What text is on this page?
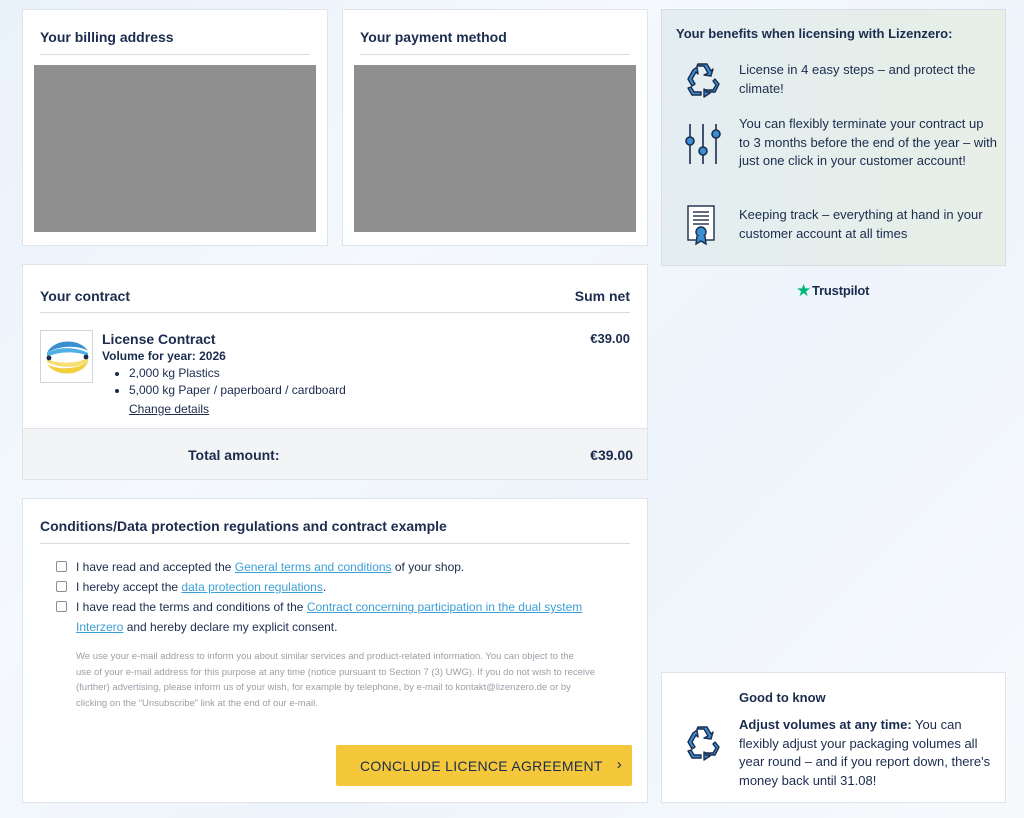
Your billing address	Your payment method
Your contract	Sum net
License Contract
Volume for year: 2026
• 2,000 kg Plastics
• 5,000 kg Paper / paperboard / cardboard
Change details
€39.00
Total amount:	€39.00
Conditions/Data protection regulations and contract example
I have read and accepted the General terms and conditions of your shop.
I hereby accept the data protection regulations.
I have read the terms and conditions of the Contract concerning participation in the dual system
Interzero and hereby declare my explicit consent.
We use your e-mail address to inform you about similar services and product-related information. You can object to the
use of your e-mail address for this purpose at any time (notice pursuant to Section 7 (3) UWG). If you do not wish to receive
(further) advertising, please inform us of your wish, for example by telephone, by e-mail to kontakt@lizenzero.de or by
clicking on the “Unsubscribe” link at the end of our e-mail.
CONCLUDE LICENCE AGREEMENT ›
Your benefits when licensing with Lizenzero:
License in 4 easy steps – and protect the climate!
You can flexibly terminate your contract up to 3 months before the end of the year – with just one click in your customer account!
Keeping track – everything at hand in your customer account at all times
★Trustpilot
Good to know
Adjust volumes at any time: You can flexibly adjust your packaging volumes all year round – and if you report down, there's money back until 31.08!
